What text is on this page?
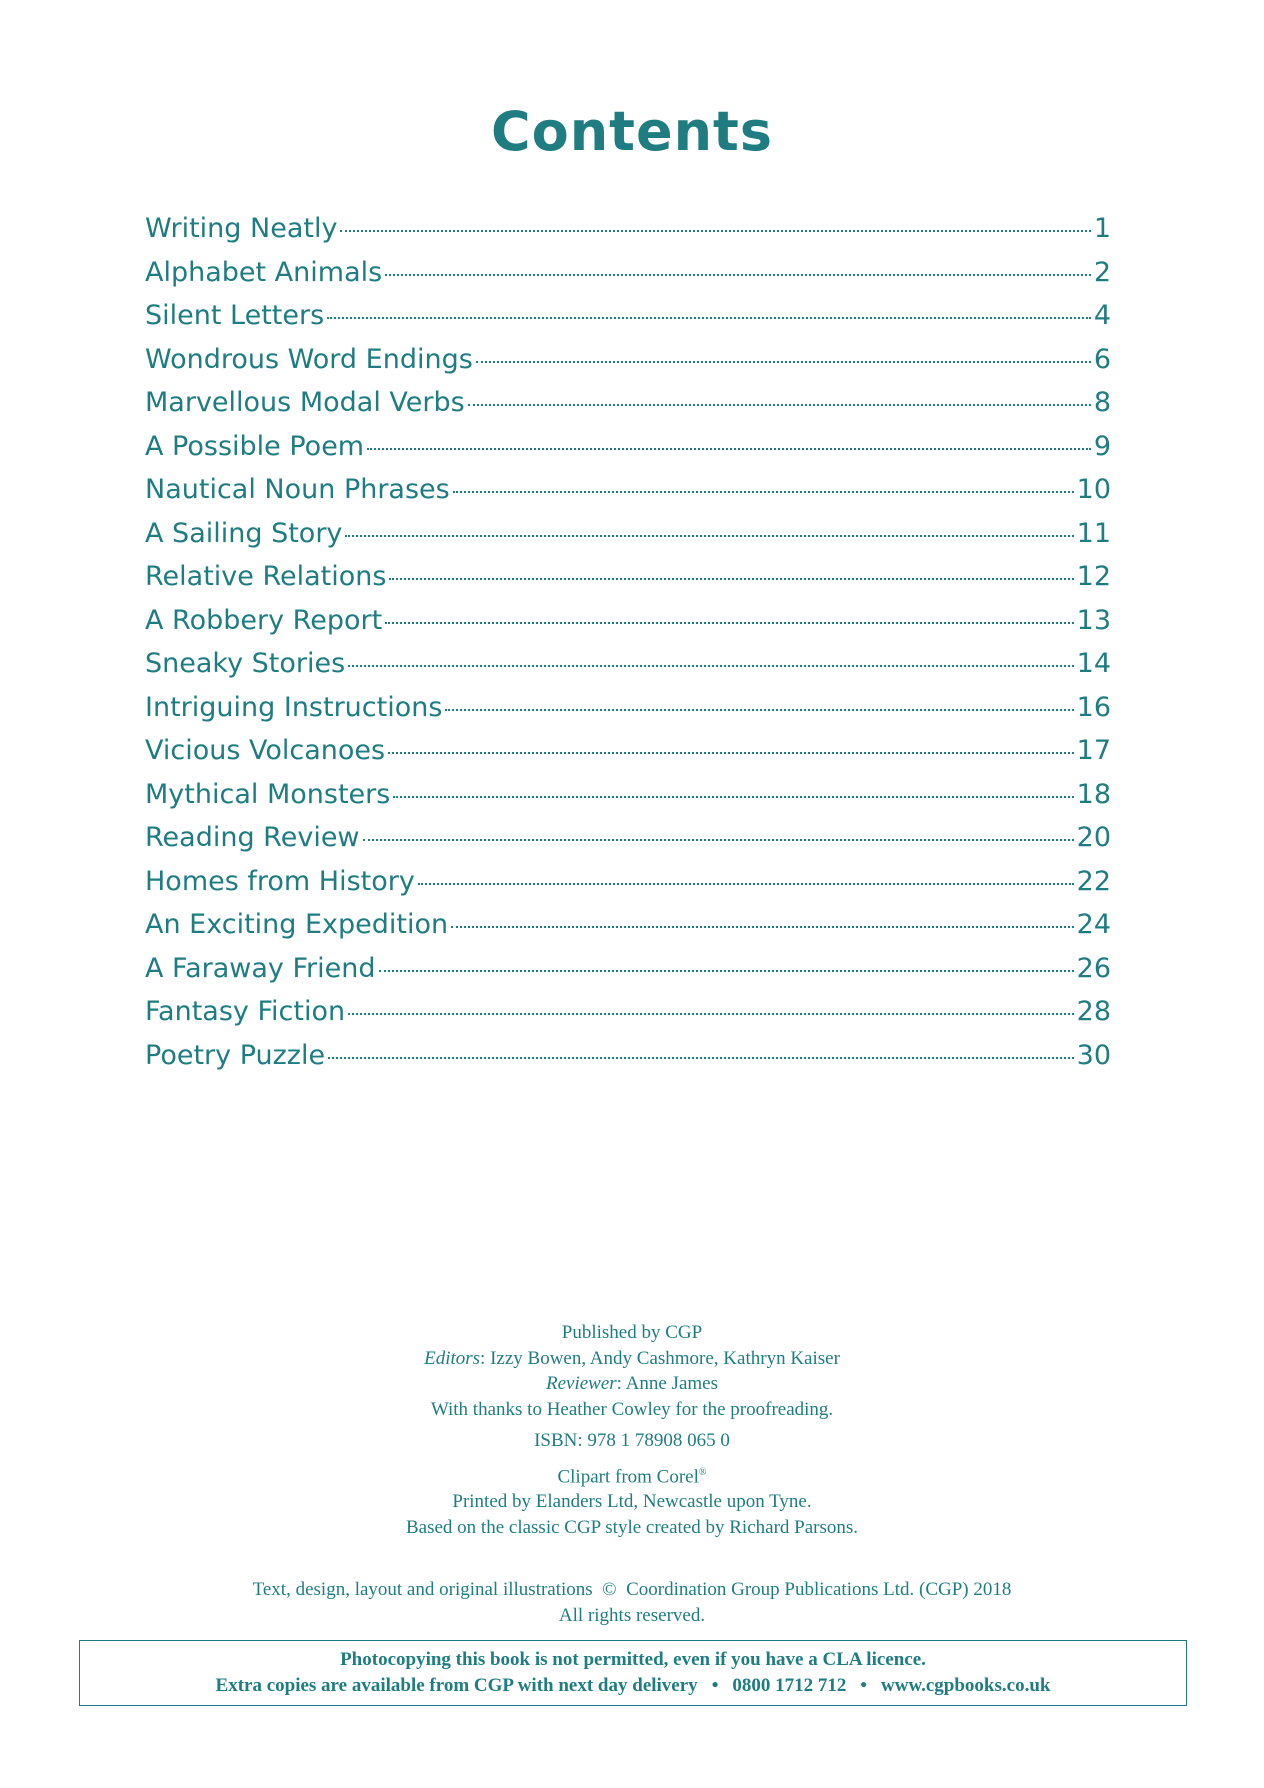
Contents
Writing Neatly	1
Alphabet Animals	2
Silent Letters	4
Wondrous Word Endings	6
Marvellous Modal Verbs	8
A Possible Poem	9
Nautical Noun Phrases	10
A Sailing Story	11
Relative Relations	12
A Robbery Report	13
Sneaky Stories	14
Intriguing Instructions	16
Vicious Volcanoes	17
Mythical Monsters	18
Reading Review	20
Homes from History	22
An Exciting Expedition	24
A Faraway Friend	26
Fantasy Fiction	28
Poetry Puzzle	30

Published by CGP

Editors: Izzy Bowen, Andy Cashmore, Kathryn Kaiser

Reviewer: Anne James

With thanks to Heather Cowley for the proofreading.

ISBN: 978 1 78908 065 0

Clipart from Corel®

Printed by Elanders Ltd, Newcastle upon Tyne.

Based on the classic CGP style created by Richard Parsons.

Text, design, layout and original illustrations  ©  Coordination Group Publications Ltd. (CGP) 2018

All rights reserved.

Photocopying this book is not permitted, even if you have a CLA licence.

Extra copies are available from CGP with next day delivery • 0800 1712 712 • www.cgpbooks.co.uk
